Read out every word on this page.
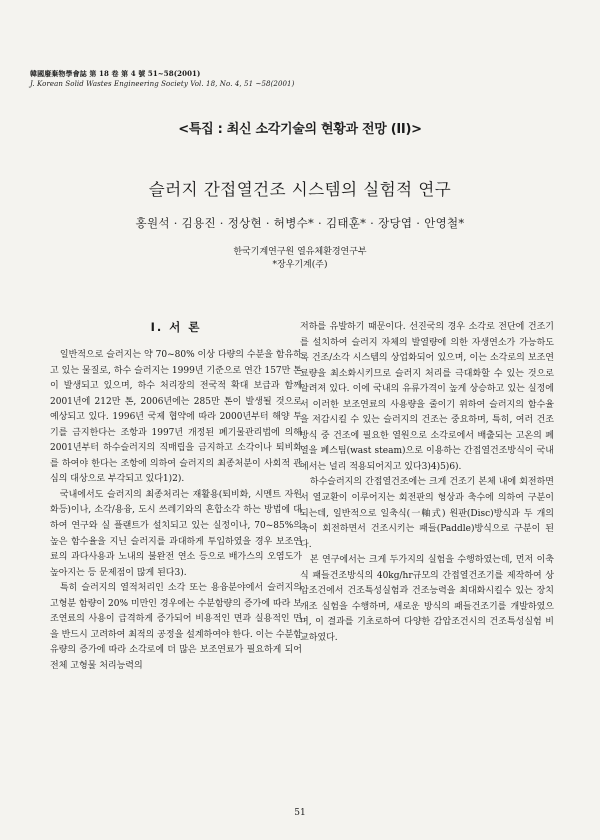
韓國廢棄物學會誌 第 18 卷 第 4 號 51~58(2001)
J. Korean Solid Wastes Engineering Society Vol. 18, No. 4, 51 ~58(2001)
<특집 : 최신 소각기술의 현황과 전망 (II)>
슬러지 간접열건조 시스템의 실험적 연구
홍원석 · 김용진 · 정상현 · 허병수* · 김태훈* · 장당엽 · 안영철*
한국기계연구원 열유체환경연구부
*장우기계(주)
I. 서 론

일반적으로 슬러지는 약 70~80% 이상 다량의 수분을 함유하고 있는 물질로, 하수 슬러지는 1999년 기준으로 연간 157만 톤이 발생되고 있으며, 하수 처리장의 전국적 확대 보급과 함께 2001년에 212만 톤, 2006년에는 285만 톤이 발생될 것으로 예상되고 있다. 1996년 국제 협약에 따라 2000년부터 해양 투기를 금지한다는 조항과 1997년 개정된 폐기물관리법에 의해 2001년부터 하수슬러지의 직매립을 금지하고 소각이나 퇴비화를 하여야 한다는 조항에 의하여 슬러지의 최종처분이 사회적 관심의 대상으로 부각되고 있다1)2).

국내에서도 슬러지의 최종처리는 재활용(퇴비화, 시멘트 자원화등)이나, 소각/용융, 도시 쓰레기와의 혼합소각 하는 방법에 대하여 연구와 실 플랜트가 설치되고 있는 실정이나, 70~85%의 높은 함수율을 지닌 슬러지를 과대하게 투입하였을 경우 보조연료의 과다사용과 노내의 불완전 연소 등으로 배가스의 오염도가 높아지는 등 문제점이 많게 된다3).

특히 슬러지의 열적처리인 소각 또는 용융분야에서 슬러지의 고형분 함량이 20% 미만인 경우에는 수분함량의 증가에 따라 보조연료의 사용이 급격하게 증가되어 비용적인 면과 실용적인 면을 반드시 고려하여 최적의 공정을 설계하여야 한다. 이는 수분함유량의 증가에 따라 소각로에 더 많은 보조연료가 필요하게 되어 전체 고형물 처리능력의

저하를 유발하기 때문이다. 선진국의 경우 소각로 전단에 건조기를 설치하여 슬러지 자체의 발열량에 의한 자생연소가 가능하도록 건조/소각 시스템의 상업화되어 있으며, 이는 소각로의 보조연료량을 최소화시키므로 슬러지 처리를 극대화할 수 있는 것으로 알려져 있다. 이에 국내의 유류가격이 높게 상승하고 있는 실정에서 이러한 보조연료의 사용량을 줄이기 위하여 슬러지의 함수율을 저감시킬 수 있는 슬러지의 건조는 중요하며, 특히, 여러 건조 방식 중 건조에 필요한 열원으로 소각로에서 배출되는 고온의 폐열을 폐스팀(wast steam)으로 이용하는 간접열건조방식이 국내에서는 널리 적용되어지고 있다3)4)5)6).

하수슬러지의 간접열건조에는 크게 건조기 본체 내에 회전하면서 열교환이 이루어지는 회전판의 형상과 축수에 의하여 구분이 되는데, 일반적으로 일축식(一軸式) 원판(Disc)방식과 두 개의 축이 회전하면서 건조시키는 패들(Paddle)방식으로 구분이 된다.

본 연구에서는 크게 두가지의 실험을 수행하였는데, 먼저 이축식 패들건조방식의 40kg/hr규모의 간접열건조기를 제작하여 상압조건에서 건조특성실험과 건조능력을 최대화시킬수 있는 장치개조 실험을 수행하며, 새로운 방식의 패들건조기를 개발하였으며, 이 결과를 기초로하여 다양한 감압조건시의 건조특성실험 비교하였다.

51
